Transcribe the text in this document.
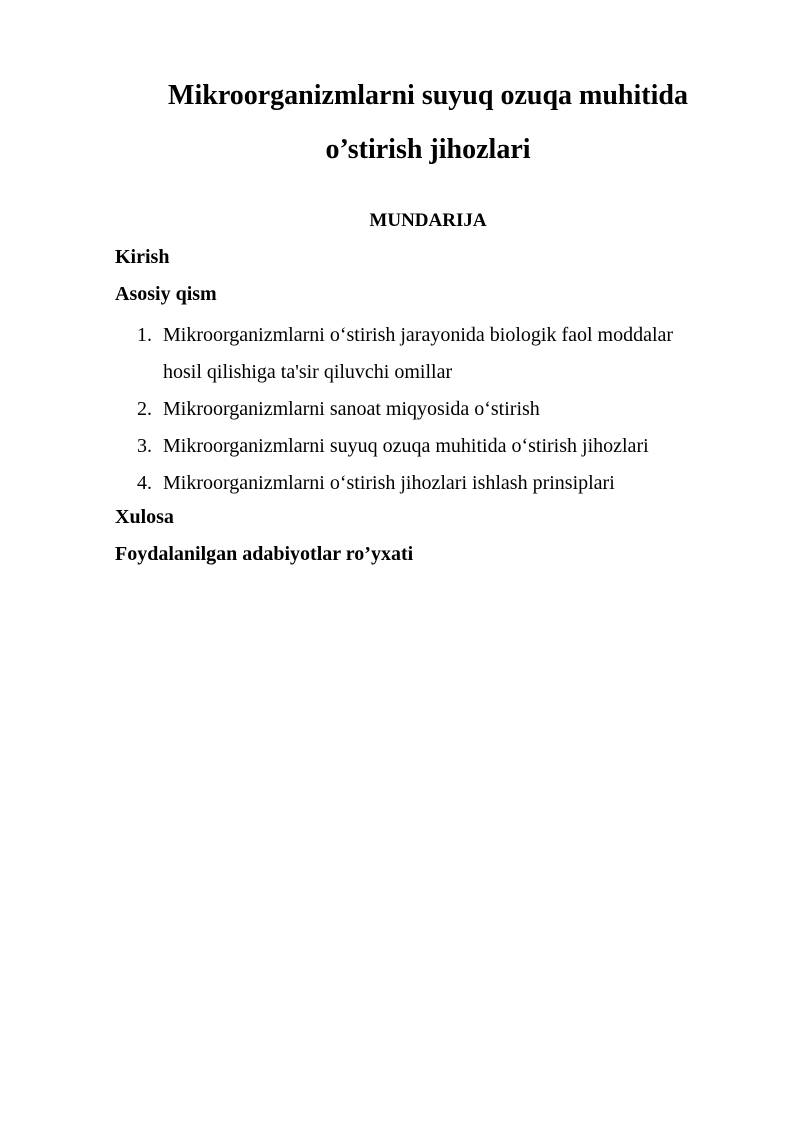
Mikroorganizmlarni suyuq ozuqa muhitida
o’stirish jihozlari
MUNDARIJA
Kirish
Asosiy qism
1. Mikroorganizmlarni o‘stirish jarayonida biologik faol moddalar
hosil qilishiga ta'sir qiluvchi omillar
2. Mikroorganizmlarni sanoat miqyosida o‘stirish
3. Mikroorganizmlarni suyuq ozuqa muhitida o‘stirish jihozlari
4. Mikroorganizmlarni o‘stirish jihozlari ishlash prinsiplari
Xulosa
Foydalanilgan adabiyotlar ro’yxati
